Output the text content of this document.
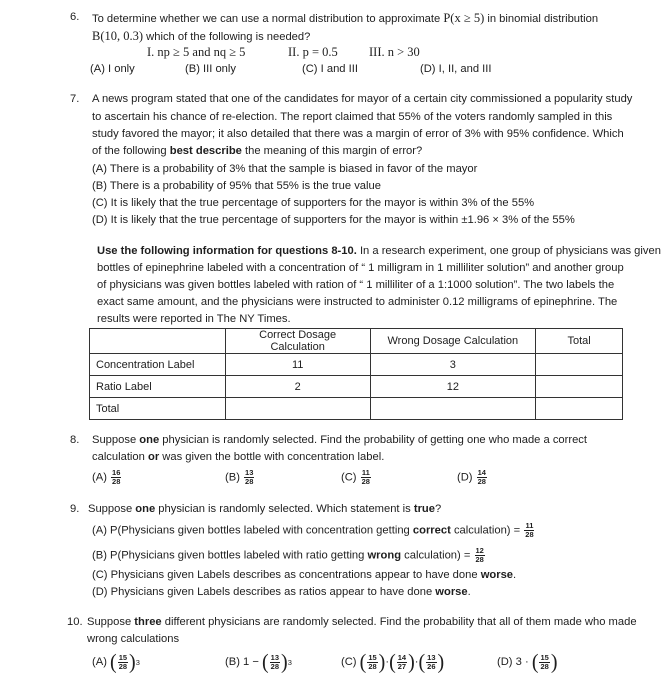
6. To determine whether we can use a normal distribution to approximate P(x ≥ 5) in binomial distribution
B(10, 0.3) which of the following is needed?
I. np ≥ 5 and nq ≥ 5	II. p = 0.5	III. n > 30
(A) I only	(B) III only	(C) I and III	(D) I, II, and III
7. A news program stated that one of the candidates for mayor of a certain city commissioned a popularity study
to ascertain his chance of re-election. The report claimed that 55% of the voters randomly sampled in this
study favored the mayor; it also detailed that there was a margin of error of 3% with 95% confidence. Which
of the following best describe the meaning of this margin of error?
(A) There is a probability of 3% that the sample is biased in favor of the mayor
(B) There is a probability of 95% that 55% is the true value
(C) It is likely that the true percentage of supporters for the mayor is within 3% of the 55%
(D) It is likely that the true percentage of supporters for the mayor is within ±1.96 × 3% of the 55%
Use the following information for questions 8-10. In a research experiment, one group of physicians was given
bottles of epinephrine labeled with a concentration of “ 1 milligram in 1 milliliter solution” and another group
of physicians was given bottles labeled with ration of “ 1 milliliter of a 1:1000 solution”. The two labels the
exact same amount, and the physicians were instructed to administer 0.12 milligrams of epinephrine. The
results were reported in The NY Times.
	Correct Dosage Calculation	Wrong Dosage Calculation	Total
Concentration Label	11	3	
Ratio Label	2	12	
Total			
8. Suppose one physician is randomly selected. Find the probability of getting one who made a correct
calculation or was given the bottle with concentration label.
$(A) \frac{16}{28}$	$(B) \frac{13}{28}$	$(C) \frac{11}{28}$	$(D) \frac{14}{28}$
9. Suppose one physician is randomly selected. Which statement is true?
(A) P(Physicians given bottles labeled with concentration getting correct calculation) = $\frac{11}{28}$
(B) P(Physicians given bottles labeled with ratio getting wrong calculation) = $\frac{12}{28}$
(C) Physicians given Labels describes as concentrations appear to have done worse.
(D) Physicians given Labels describes as ratios appear to have done worse.
10. Suppose three different physicians are randomly selected. Find the probability that all of them made who made
wrong calculations
(A) ( $\frac{15}{28}$ ) 3	(B) 1 − ( $\frac{13}{28}$ ) 3	(C) ( $\frac{15}{28}$ ) · ( $\frac{14}{27}$ ) · ( $\frac{13}{26}$ )	(D) 3 · ( $\frac{15}{28}$ )
